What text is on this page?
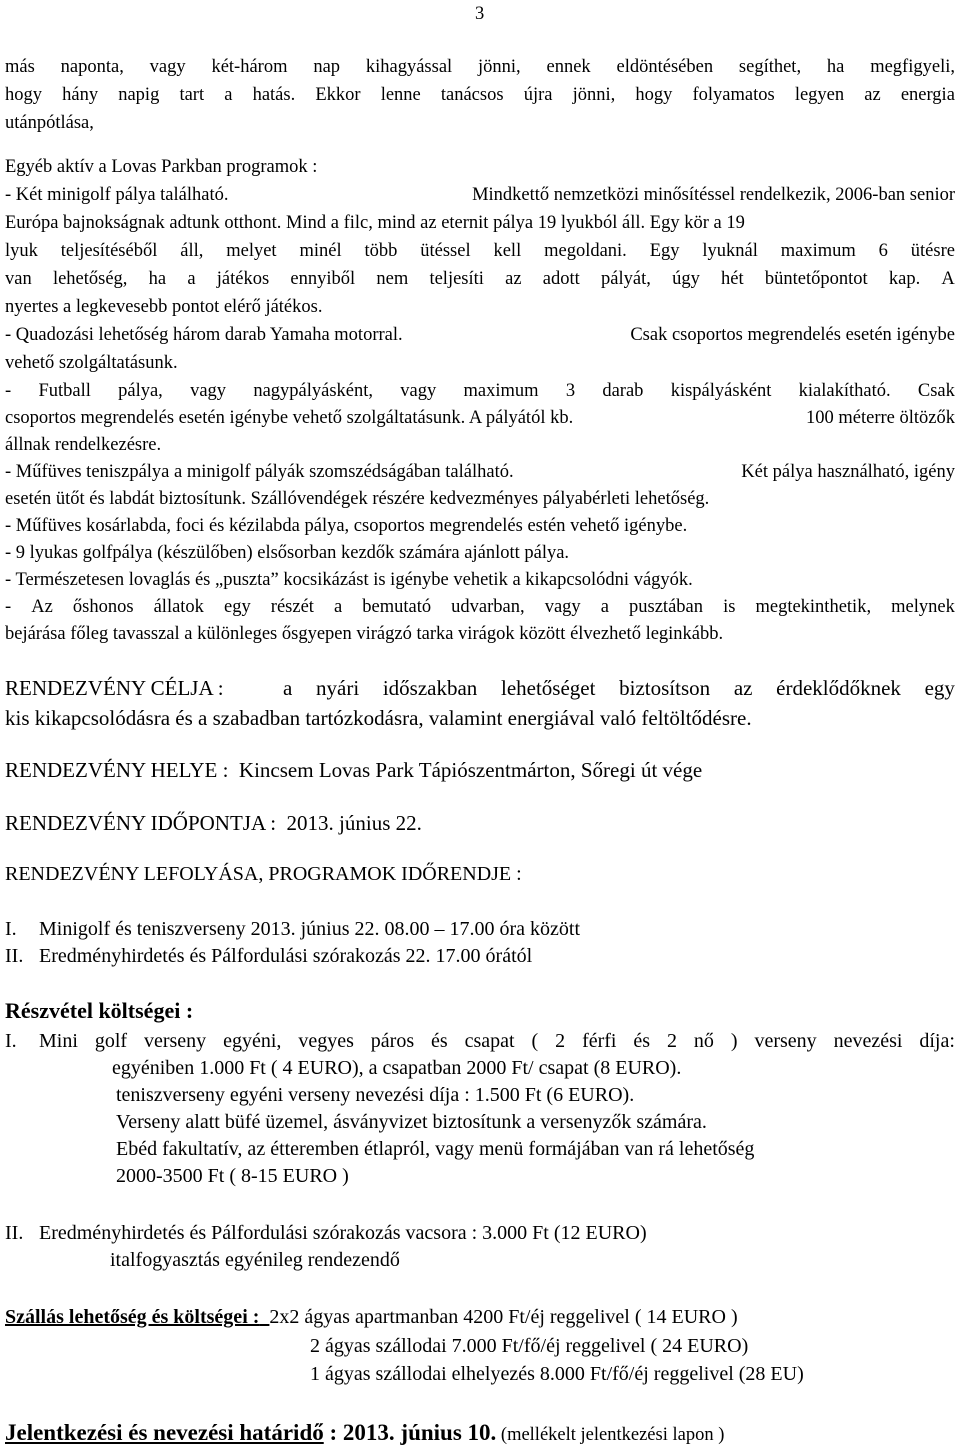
3
más naponta, vagy két-három nap kihagyással jönni, ennek eldöntésében segíthet, ha megfigyeli,
hogy hány napig tart a hatás. Ekkor lenne tanácsos újra jönni, hogy folyamatos legyen az energia
utánpótlása,
Egyéb aktív a Lovas Parkban programok :
- Két minigolf pálya található.	Mindkettő nemzetközi minősítéssel rendelkezik, 2006-ban senior
Európa bajnokságnak adtunk otthont. Mind a filc, mind az eternit pálya 19 lyukból áll. Egy kör a 19
lyuk teljesítéséből áll, melyet minél több ütéssel kell megoldani. Egy lyuknál maximum 6 ütésre
van lehetőség, ha a játékos ennyiből nem teljesíti az adott pályát, úgy hét büntetőpontot kap. A
nyertes a legkevesebb pontot elérő játékos.
- Quadozási lehetőség három darab Yamaha motorral.	Csak csoportos megrendelés esetén igénybe
vehető szolgáltatásunk.
- Futball pálya, vagy nagypályásként, vagy maximum 3 darab kispályásként kialakítható. Csak
csoportos megrendelés esetén igénybe vehető szolgáltatásunk. A pályától kb.	100 méterre öltözők
állnak rendelkezésre.
- Műfüves teniszpálya a minigolf pályák szomszédságában található.	Két pálya használható, igény
esetén ütőt és labdát biztosítunk. Szállóvendégek részére kedvezményes pályabérleti lehetőség.
- Műfüves kosárlabda, foci és kézilabda pálya, csoportos megrendelés estén vehető igénybe.
- 9 lyukas golfpálya (készülőben) elsősorban kezdők számára ajánlott pálya.
- Természetesen lovaglás és „puszta” kocsikázást is igénybe vehetik a kikapcsolódni vágyók.
- Az őshonos állatok egy részét a bemutató udvarban, vagy a pusztában is megtekinthetik, melynek
bejárása főleg tavasszal a különleges ősgyepen virágzó tarka virágok között élvezhető leginkább.
RENDEZVÉNY CÉLJA :	a nyári időszakban lehetőséget biztosítson az érdeklődőknek egy
kis kikapcsolódásra és a szabadban tartózkodásra, valamint energiával való feltöltődésre.
RENDEZVÉNY HELYE : Kincsem Lovas Park Tápiószentmárton, Sőregi út vége
RENDEZVÉNY IDŐPONTJA : 2013. június 22.
RENDEZVÉNY LEFOLYÁSA, PROGRAMOK IDŐRENDJE :
I. Minigolf és teniszverseny 2013. június 22. 08.00 – 17.00 óra között
II. Eredményhirdetés és Pálfordulási szórakozás 22. 17.00 órától
Részvétel költségei :
I.	Mini golf verseny egyéni, vegyes páros és csapat ( 2 férfi és 2 nő ) verseny nevezési díja:
egyéniben 1.000 Ft ( 4 EURO), a csapatban 2000 Ft/ csapat (8 EURO).
teniszverseny egyéni verseny nevezési díja : 1.500 Ft (6 EURO).
Verseny alatt büfé üzemel, ásványvizet biztosítunk a versenyzők számára.
Ebéd fakultatív, az étteremben étlapról, vagy menü formájában van rá lehetőség
2000-3500 Ft ( 8-15 EURO )
II. Eredményhirdetés és Pálfordulási szórakozás vacsora : 3.000 Ft (12 EURO)
italfogyasztás egyénileg rendezendő
Szállás lehetőség és költségei : 2x2 ágyas apartmanban 4200 Ft/éj reggelivel ( 14 EURO )
2 ágyas szállodai 7.000 Ft/fő/éj reggelivel ( 24 EURO)
1 ágyas szállodai elhelyezés 8.000 Ft/fő/éj reggelivel (28 EU)
Jelentkezési és nevezési határidő : 2013. június 10. (mellékelt jelentkezési lapon )
